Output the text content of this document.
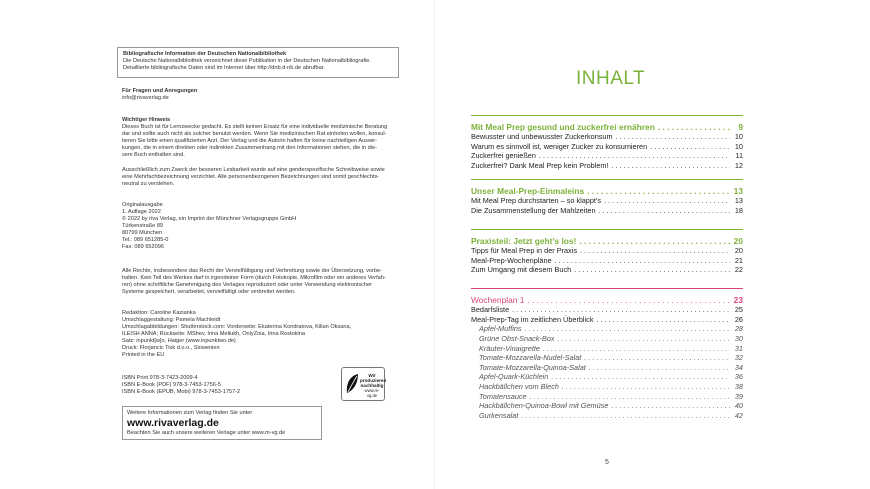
Bibliografische Information der Deutschen Nationalbibliothek
Die Deutsche Nationalbibliothek verzeichnet diese Publikation in der Deutschen Nationalbibliografie.
Detaillierte bibliografische Daten sind im Internet über http://dnb.d-nb.de abrufbar.
Für Fragen und Anregungen
info@rivaverlag.de
Wichtiger Hinweis
Dieses Buch ist für Lernzwecke gedacht. Es stellt keinen Ersatz für eine individuelle medizinische Beratung
dar und sollte auch nicht als solcher benutzt werden. Wenn Sie medizinischen Rat einholen wollen, konsul-
tieren Sie bitte einen qualifizierten Arzt. Der Verlag und die Autorin haften für keine nachteiligen Auswir-
kungen, die in einem direkten oder indirekten Zusammenhang mit den Informationen stehen, die in die-
sem Buch enthalten sind.
Ausschließlich zum Zweck der besseren Lesbarkeit wurde auf eine genderspezifische Schreibweise sowie
eine Mehrfachbezeichnung verzichtet. Alle personenbezogenen Bezeichnungen sind somit geschlechts-
neutral zu verstehen.
Originalausgabe
1. Auflage 2022
© 2022 by riva Verlag, ein Imprint der Münchner Verlagsgruppe GmbH
Türkenstraße 89
80799 München
Tel.: 089 651285-0
Fax: 089 652096
Alle Rechte, insbesondere das Recht der Vervielfältigung und Verbreitung sowie der Übersetzung, vorbe-
halten. Kein Teil des Werkes darf in irgendeiner Form (durch Fotokopie, Mikrofilm oder ein anderes Verfah-
ren) ohne schriftliche Genehmigung des Verlages reproduziert oder unter Verwendung elektronischer
Systeme gespeichert, verarbeitet, vervielfältigt oder verbreitet werden.
Redaktion: Caroline Kazianka
Umschlaggestaltung: Pamela Machleidt
Umschlagabbildungen: Shutterstock.com: Vorderseite: Ekaterina Kondratova, Kilian Oksana,
ILEISH ANNA; Rückseite: MShev, Irina Meliukh, OnlyZoia, Irina Rostokina
Satz: inpunkt[w]o, Haiger (www.inpunktwo.de)
Druck: Florjancic Tisk d.o.o., Slowenien
Printed in the EU
ISBN Print 978-3-7423-2009-4
ISBN E-Book (PDF) 978-3-7453-1756-5
ISBN E-Book (EPUB, Mobi) 978-3-7453-1757-2
Wir produzieren
nachhaltig
www.m-vg.de
Weitere Informationen zum Verlag finden Sie unter
www.rivaverlag.de
Beachten Sie auch unsere weiteren Verlage unter www.m-vg.de
INHALT
Mit Meal Prep gesund und zuckerfrei ernähren . . .	9
Bewusster und unbewusster Zuckerkonsum . . .	10
Warum es sinnvoll ist, weniger Zucker zu konsumieren . . .	10
Zuckerfrei genießen . . .	11
Zuckerfrei? Dank Meal Prep kein Problem! . . .	12
Unser Meal-Prep-Einmaleins . . .	13
Mit Meal Prep durchstarten – so klappt’s . . .	13
Die Zusammenstellung der Mahlzeiten . . .	18
Praxisteil: Jetzt geht’s los! . . .	20
Tipps für Meal Prep in der Praxis . . .	20
Meal-Prep-Wochenpläne . . .	21
Zum Umgang mit diesem Buch . . .	22
Wochenplan 1 . . .	23
Bedarfsliste . . .	25
Meal-Prep-Tag im zeitlichen Überblick . . .	26
Apfel-Muffins . . .	28
Grüne Obst-Snack-Box . . .	30
Kräuter-Vinaigrette . . .	31
Tomate-Mozzarella-Nudel-Salat . . .	32
Tomate-Mozzarella-Quinoa-Salat . . .	34
Apfel-Quark-Küchlein . . .	36
Hackbällchen vom Blech . . .	38
Tomatensauce . . .	39
Hackbällchen-Quinoa-Bowl mit Gemüse . . .	40
Gurkensalat . . .	42
5
